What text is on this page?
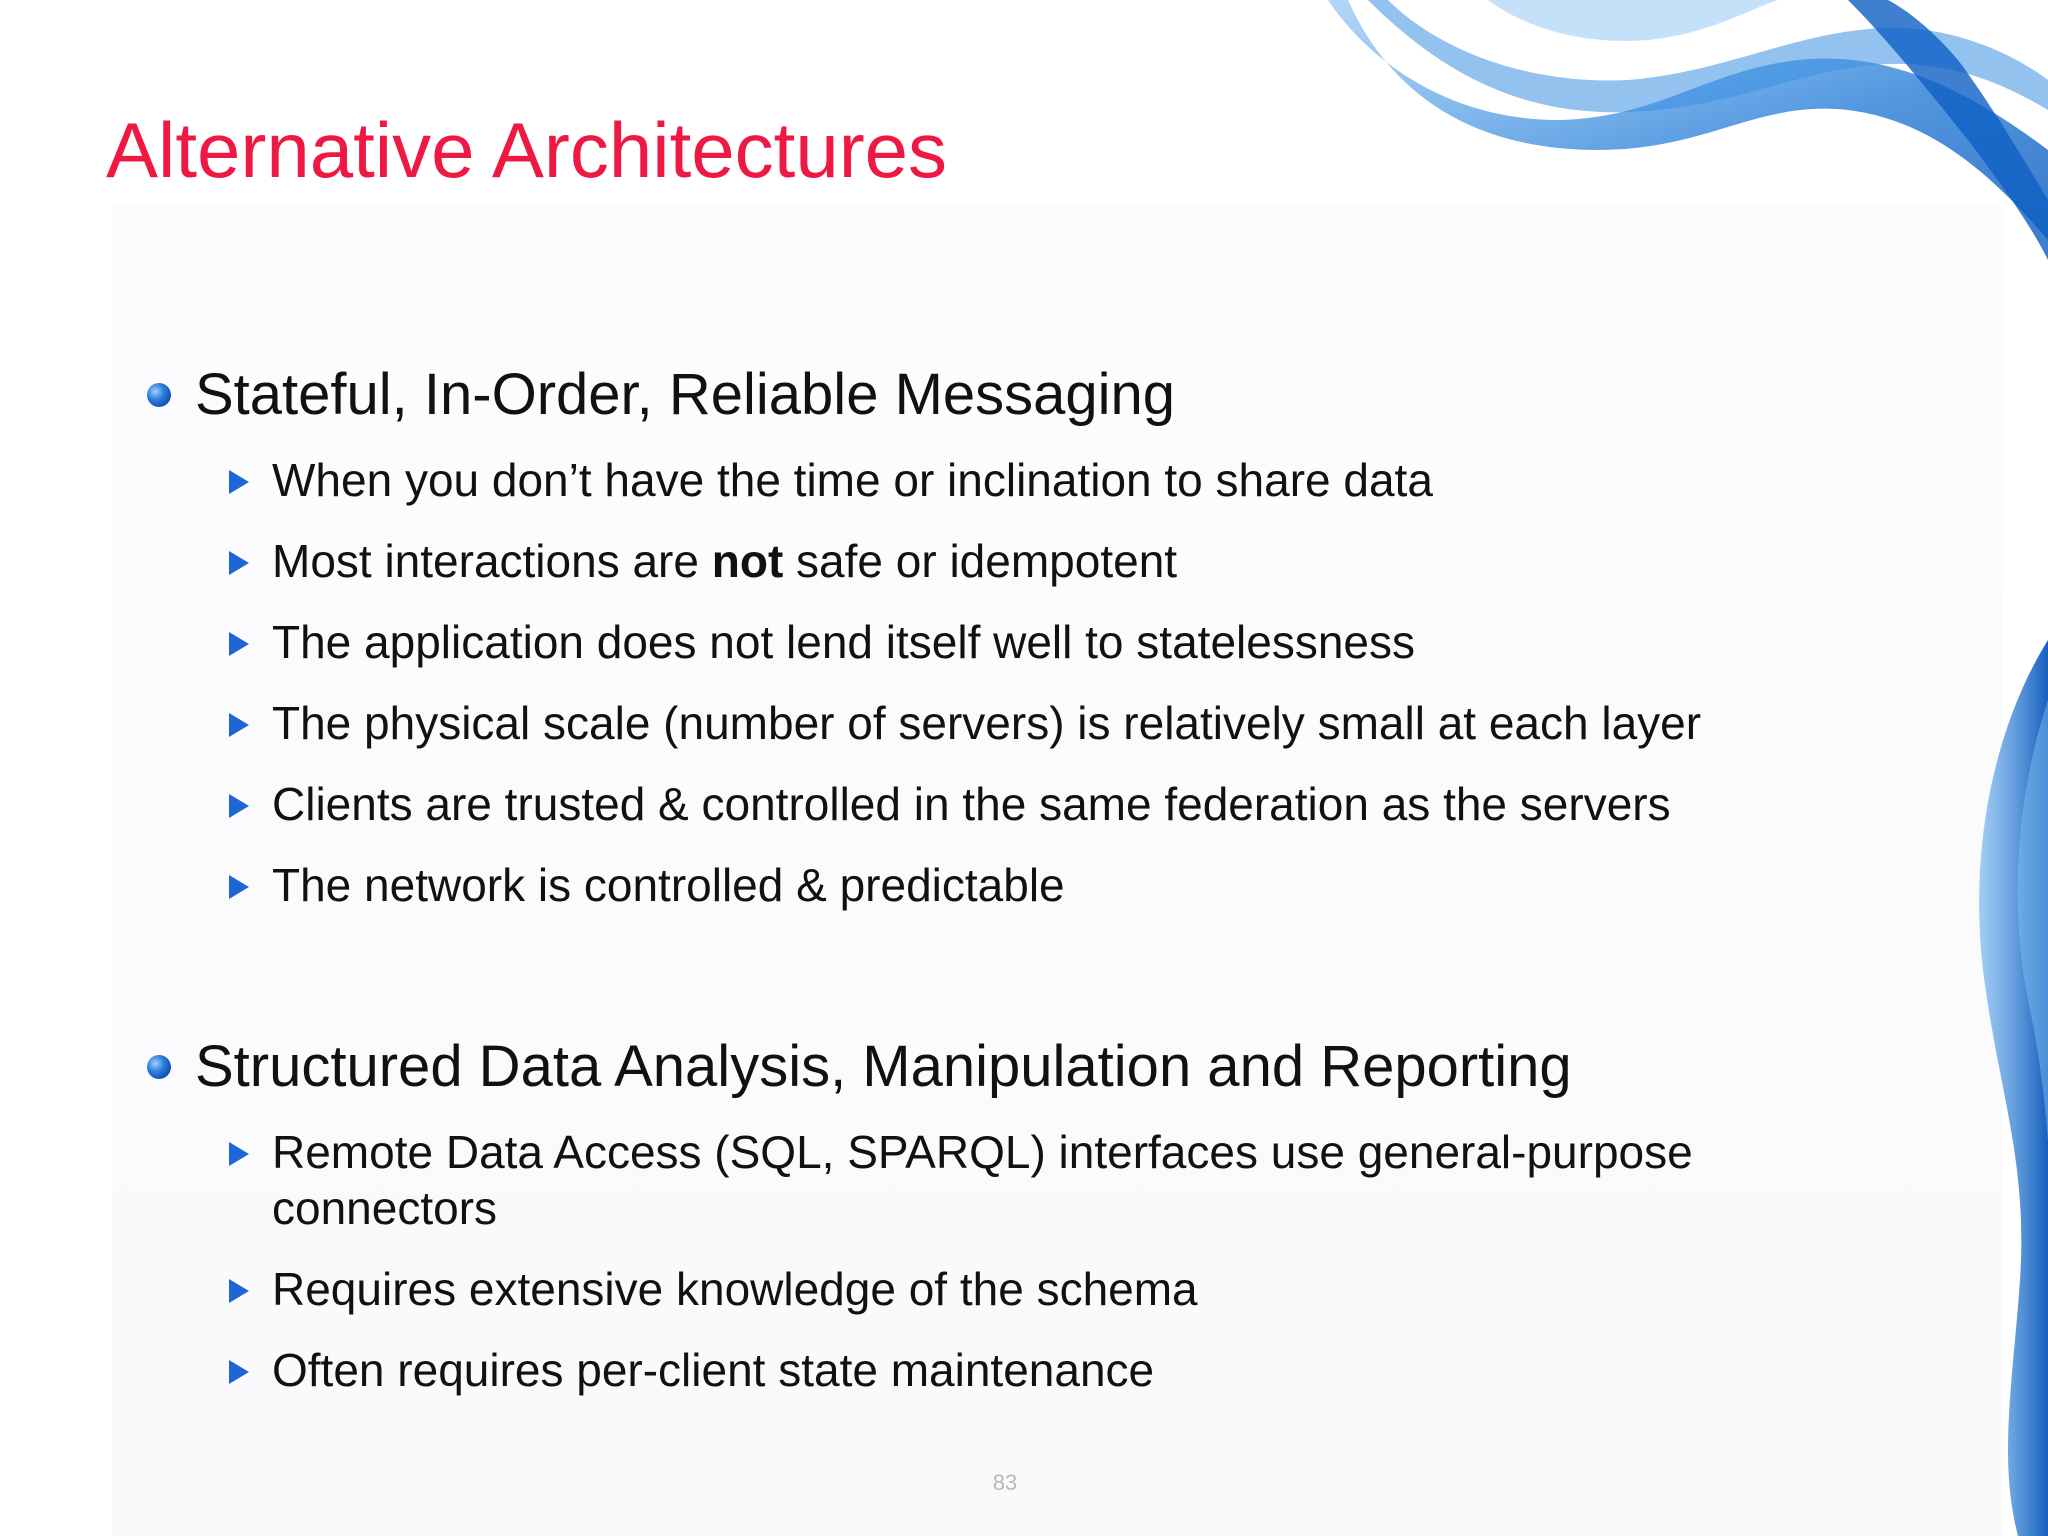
Alternative Architectures
Stateful, In-Order, Reliable Messaging
When you don’t have the time or inclination to share data
Most interactions are not safe or idempotent
The application does not lend itself well to statelessness
The physical scale (number of servers) is relatively small at each layer
Clients are trusted & controlled in the same federation as the servers
The network is controlled & predictable
Structured Data Analysis, Manipulation and Reporting
Remote Data Access (SQL, SPARQL) interfaces use general-purpose
connectors
Requires extensive knowledge of the schema
Often requires per-client state maintenance
83
